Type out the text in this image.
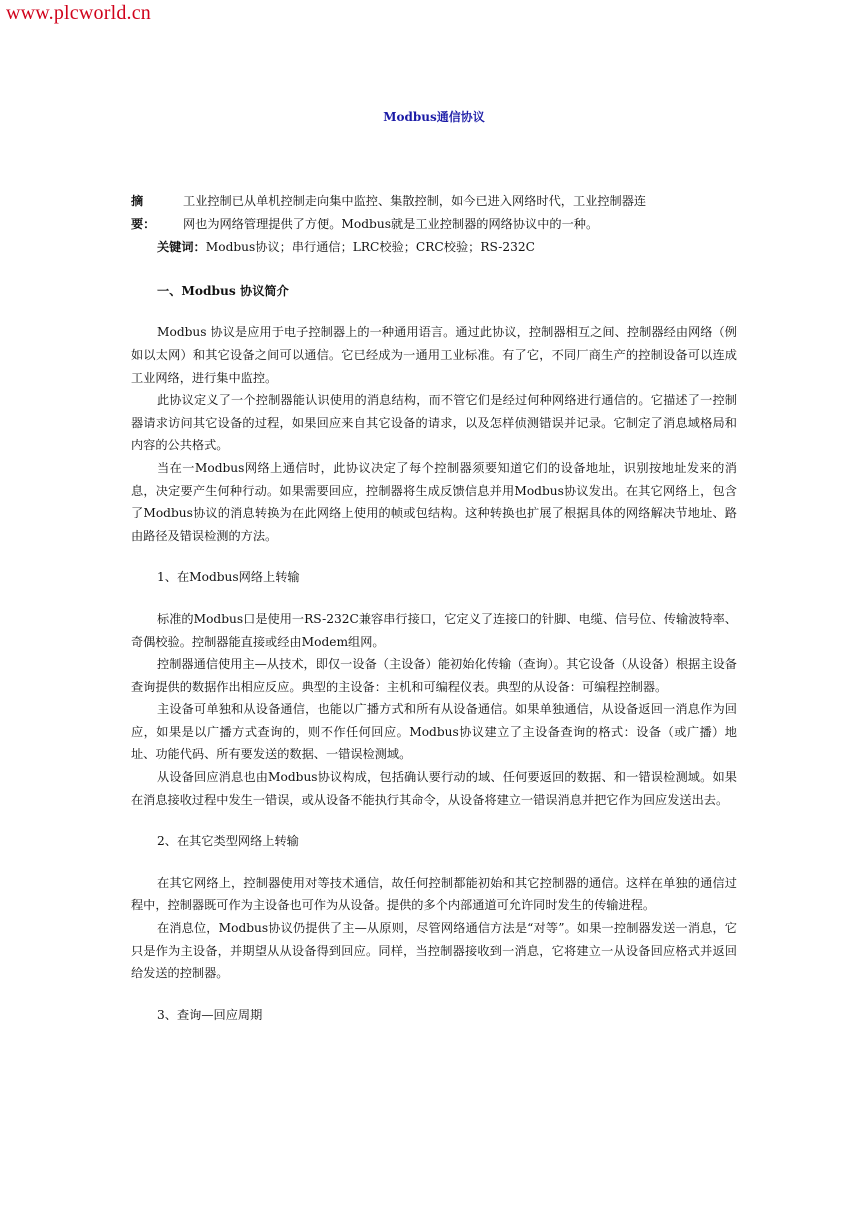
www.plcworld.cn
Modbus通信协议
摘要：
工业控制已从单机控制走向集中监控、集散控制，如今已进入网络时代，工业控制器连
网也为网络管理提供了方便。Modbus就是工业控制器的网络协议中的一种。
关键词：Modbus协议；串行通信；LRC校验；CRC校验；RS-232C
一、Modbus 协议简介
Modbus 协议是应用于电子控制器上的一种通用语言。通过此协议，控制器相互之间、控制器经由网络（例如以太网）和其它设备之间可以通信。它已经成为一通用工业标准。有了它，不同厂商生产的控制设备可以连成工业网络，进行集中监控。
此协议定义了一个控制器能认识使用的消息结构，而不管它们是经过何种网络进行通信的。它描述了一控制器请求访问其它设备的过程，如果回应来自其它设备的请求，以及怎样侦测错误并记录。它制定了消息域格局和内容的公共格式。
当在一Modbus网络上通信时，此协议决定了每个控制器须要知道它们的设备地址，识别按地址发来的消息，决定要产生何种行动。如果需要回应，控制器将生成反馈信息并用Modbus协议发出。在其它网络上，包含了Modbus协议的消息转换为在此网络上使用的帧或包结构。这种转换也扩展了根据具体的网络解决节地址、路由路径及错误检测的方法。
1、在Modbus网络上转输
标准的Modbus口是使用一RS-232C兼容串行接口，它定义了连接口的针脚、电缆、信号位、传输波特率、奇偶校验。控制器能直接或经由Modem组网。
控制器通信使用主—从技术，即仅一设备（主设备）能初始化传输（查询）。其它设备（从设备）根据主设备查询提供的数据作出相应反应。典型的主设备：主机和可编程仪表。典型的从设备：可编程控制器。
主设备可单独和从设备通信，也能以广播方式和所有从设备通信。如果单独通信，从设备返回一消息作为回应，如果是以广播方式查询的，则不作任何回应。Modbus协议建立了主设备查询的格式：设备（或广播）地址、功能代码、所有要发送的数据、一错误检测域。
从设备回应消息也由Modbus协议构成，包括确认要行动的域、任何要返回的数据、和一错误检测域。如果在消息接收过程中发生一错误，或从设备不能执行其命令，从设备将建立一错误消息并把它作为回应发送出去。
2、在其它类型网络上转输
在其它网络上，控制器使用对等技术通信，故任何控制都能初始和其它控制器的通信。这样在单独的通信过程中，控制器既可作为主设备也可作为从设备。提供的多个内部通道可允许同时发生的传输进程。
在消息位，Modbus协议仍提供了主—从原则，尽管网络通信方法是“对等”。如果一控制器发送一消息，它只是作为主设备，并期望从从设备得到回应。同样，当控制器接收到一消息，它将建立一从设备回应格式并返回给发送的控制器。
3、查询—回应周期
